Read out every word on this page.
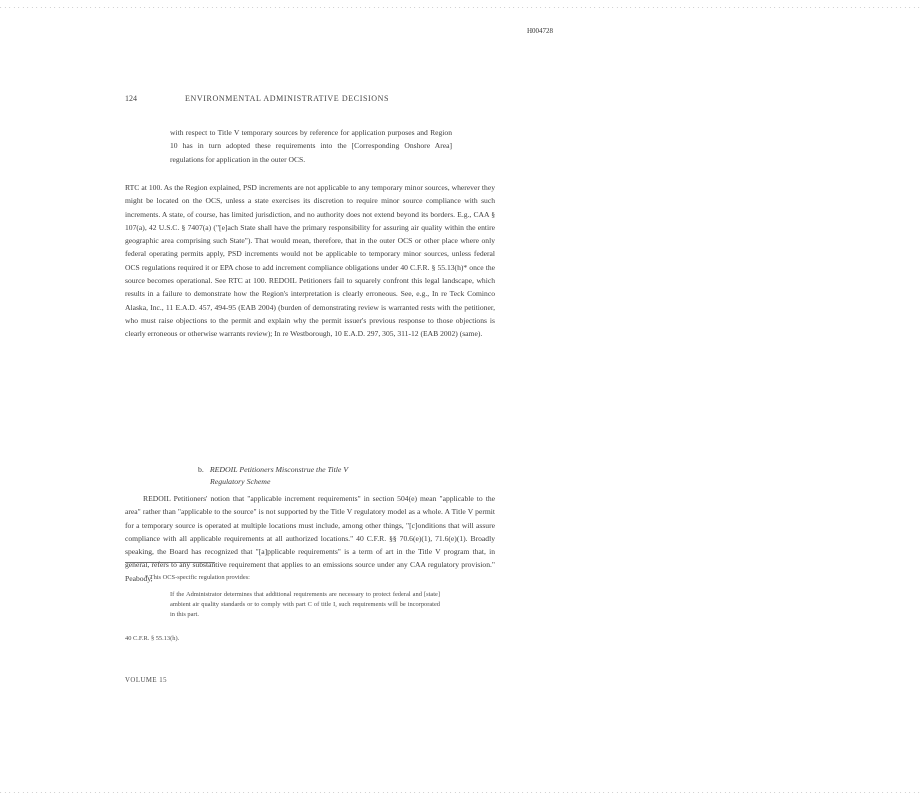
.............................................................................................................................................................................................................
H004728
124	ENVIRONMENTAL ADMINISTRATIVE DECISIONS
with respect to Title V temporary sources by reference for application purposes and Region 10 has in turn adopted these requirements into the [Corresponding Onshore Area] regulations for application in the outer OCS.

RTC at 100. As the Region explained, PSD increments are not applicable to any temporary minor sources, wherever they might be located on the OCS, unless a state exercises its discretion to require minor source compliance with such increments. A state, of course, has limited jurisdiction, and no authority does not extend beyond its borders. E.g., CAA § 107(a), 42 U.S.C. § 7407(a) ("[e]ach State shall have the primary responsibility for assuring air quality within the entire geographic area comprising such State"). That would mean, therefore, that in the outer OCS or other place where only federal operating permits apply, PSD increments would not be applicable to temporary minor sources, unless federal OCS regulations required it or EPA chose to add increment compliance obligations under 40 C.F.R. § 55.13(h)* once the source becomes operational. See RTC at 100. REDOIL Petitioners fail to squarely confront this legal landscape, which results in a failure to demonstrate how the Region's interpretation is clearly erroneous. See, e.g., In re Teck Cominco Alaska, Inc., 11 E.A.D. 457, 494-95 (EAB 2004) (burden of demonstrating review is warranted rests with the petitioner, who must raise objections to the permit and explain why the permit issuer's previous response to those objections is clearly erroneous or otherwise warrants review); In re Westborough, 10 E.A.D. 297, 305, 311-12 (EAB 2002) (same).

b. REDOIL Petitioners Misconstrue the Title V
Regulatory Scheme

REDOIL Petitioners' notion that "applicable increment requirements" in section 504(e) mean "applicable to the area" rather than "applicable to the source" is not supported by the Title V regulatory model as a whole. A Title V permit for a temporary source is operated at multiple locations must include, among other things, "[c]onditions that will assure compliance with all applicable requirements at all authorized locations." 40 C.F.R. §§ 70.6(e)(1), 71.6(e)(1). Broadly speaking, the Board has recognized that "[a]pplicable requirements" is a term of art in the Title V program that, in general, refers to any substantive requirement that applies to an emissions source under any CAA regulatory provision." Peabody,

* This OCS-specific regulation provides:
If the Administrator determines that additional requirements are necessary to protect federal and [state] ambient air quality standards or to comply with part C of title I, such requirements will be incorporated in this part.
40 C.F.R. § 55.13(h).
VOLUME 15
.............................................................................................................................................................................................................
